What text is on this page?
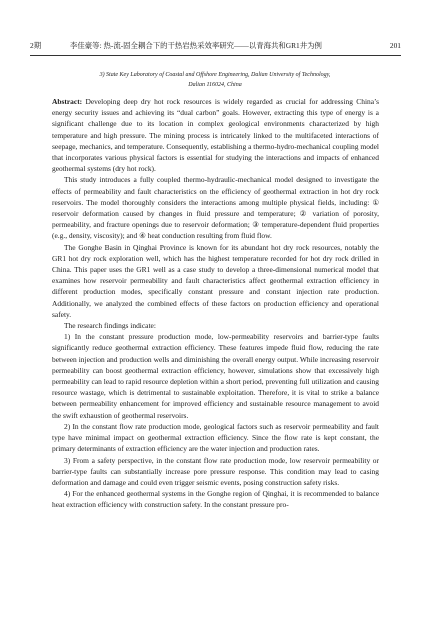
2期	李佳豪等: 热-流-固全耦合下的干热岩热采效率研究——以青海共和GR1井为例	201
3) State Key Laboratory of Coastal and Offshore Engineering, Dalian University of Technology,
Dalian 116024, China

Abstract: Developing deep dry hot rock resources is widely regarded as crucial for addressing China’s energy security issues and achieving its “dual carbon” goals. However, extracting this type of energy is a significant challenge due to its location in complex geological environments characterized by high temperature and high pressure. The mining process is intricately linked to the multifaceted interactions of seepage, mechanics, and temperature. Consequently, establishing a thermo-hydro-mechanical coupling model that incorporates various physical factors is essential for studying the interactions and impacts of enhanced geothermal systems (dry hot rock).

This study introduces a fully coupled thermo-hydraulic-mechanical model designed to investigate the effects of permeability and fault characteristics on the efficiency of geothermal extraction in hot dry rock reservoirs. The model thoroughly considers the interactions among multiple physical fields, including: ① reservoir deformation caused by changes in fluid pressure and temperature; ② variation of porosity, permeability, and fracture openings due to reservoir deformation; ③ temperature-dependent fluid properties (e.g., density, viscosity); and ④ heat conduction resulting from fluid flow.

The Gonghe Basin in Qinghai Province is known for its abundant hot dry rock resources, notably the GR1 hot dry rock exploration well, which has the highest temperature recorded for hot dry rock drilled in China. This paper uses the GR1 well as a case study to develop a three-dimensional numerical model that examines how reservoir permeability and fault characteristics affect geothermal extraction efficiency in different production modes, specifically constant pressure and constant injection rate production. Additionally, we analyzed the combined effects of these factors on production efficiency and operational safety.

The research findings indicate:

1) In the constant pressure production mode, low-permeability reservoirs and barrier-type faults significantly reduce geothermal extraction efficiency. These features impede fluid flow, reducing the rate between injection and production wells and diminishing the overall energy output. While increasing reservoir permeability can boost geothermal extraction efficiency, however, simulations show that excessively high permeability can lead to rapid resource depletion within a short period, preventing full utilization and causing resource wastage, which is detrimental to sustainable exploitation. Therefore, it is vital to strike a balance between permeability enhancement for improved efficiency and sustainable resource management to avoid the swift exhaustion of geothermal reservoirs.

2) In the constant flow rate production mode, geological factors such as reservoir permeability and fault type have minimal impact on geothermal extraction efficiency. Since the flow rate is kept constant, the primary determinants of extraction efficiency are the water injection and production rates.

3) From a safety perspective, in the constant flow rate production mode, low reservoir permeability or barrier-type faults can substantially increase pore pressure response. This condition may lead to casing deformation and damage and could even trigger seismic events, posing construction safety risks.

4) For the enhanced geothermal systems in the Gonghe region of Qinghai, it is recommended to balance heat extraction efficiency with construction safety. In the constant pressure pro-
